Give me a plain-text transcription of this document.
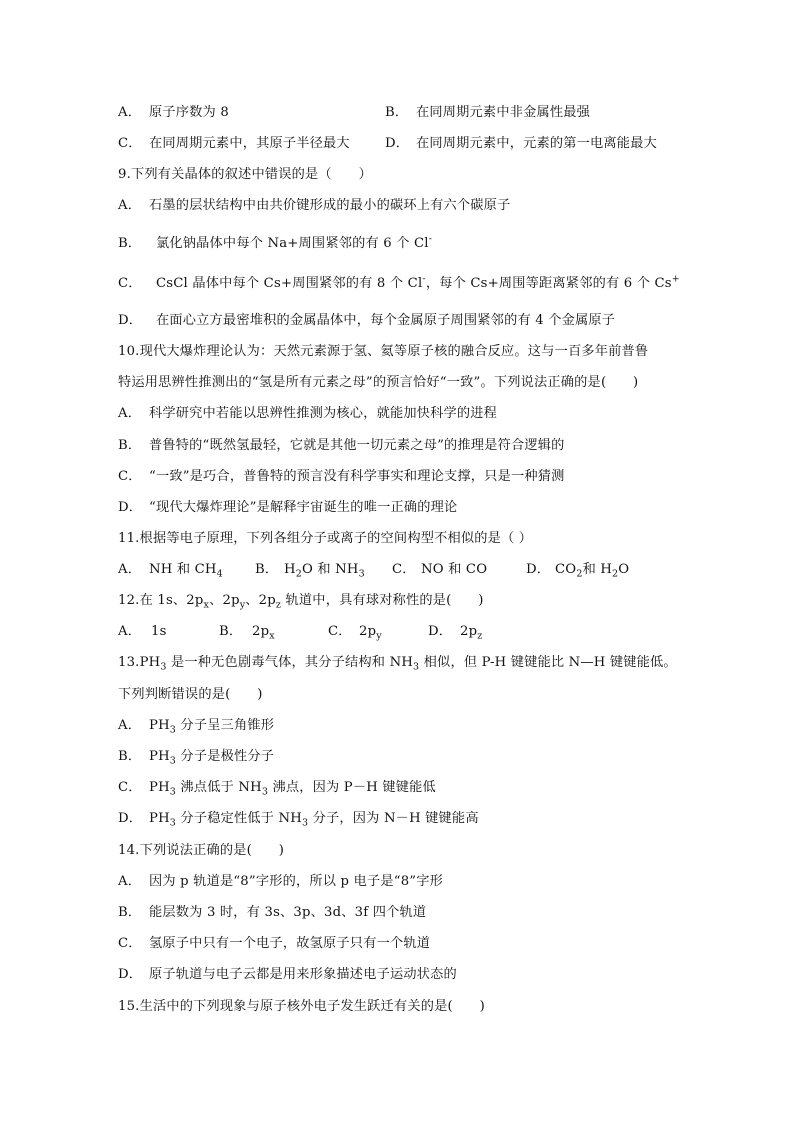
A． 原子序数为 8	B． 在同周期元素中非金属性最强
C． 在同周期元素中，其原子半径最大	D． 在同周期元素中，元素的第一电离能最大
9.下列有关晶体的叙述中错误的是（　　）
A． 石墨的层状结构中由共价键形成的最小的碳环上有六个碳原子
B． 氯化钠晶体中每个 Na+周围紧邻的有 6 个 Cl-
C． CsCl 晶体中每个 Cs+周围紧邻的有 8 个 Cl-，每个 Cs+周围等距离紧邻的有 6 个 Cs+
D． 在面心立方最密堆积的金属晶体中，每个金属原子周围紧邻的有 4 个金属原子
10.现代大爆炸理论认为：天然元素源于氢、氦等原子核的融合反应。这与一百多年前普鲁
特运用思辨性推测出的“氢是所有元素之母”的预言恰好“一致”。下列说法正确的是(　　)
A． 科学研究中若能以思辨性推测为核心，就能加快科学的进程
B． 普鲁特的“既然氢最轻，它就是其他一切元素之母”的推理是符合逻辑的
C． “一致”是巧合，普鲁特的预言没有科学事实和理论支撑，只是一种猜测
D． “现代大爆炸理论”是解释宇宙诞生的唯一正确的理论
11.根据等电子原理，下列各组分子或离子的空间构型不相似的是（ ）
A． NH 和 $CH_4$ B． $H_2O$ 和 $NH_3$ C． NO 和 CO	D． $CO_2$和 $H_2O$
12.在 1s、$2p_x$、$2p_y$、$2p_z$ 轨道中，具有球对称性的是(　　)
A． 1s	B． $2p_x$	C． $2p_y$	D． $2p_z$
$13.PH_3$ 是一种无色剧毒气体，其分子结构和 $NH_3$ 相似，但 P-H 键键能比 N—H 键键能低。
下列判断错误的是(　　)
A． $PH_3$ 分子呈三角锥形
B． $PH_3$ 分子是极性分子
C． $PH_3$ 沸点低于 $NH_3$ 沸点，因为 P－H 键键能低
D． $PH_3$ 分子稳定性低于 $NH_3$ 分子，因为 N－H 键键能高
14.下列说法正确的是(　　)
A． 因为 p 轨道是“8”字形的，所以 p 电子是“8”字形
B． 能层数为 3 时，有 3s、3p、3d、3f 四个轨道
C． 氢原子中只有一个电子，故氢原子只有一个轨道
D． 原子轨道与电子云都是用来形象描述电子运动状态的
15.生活中的下列现象与原子核外电子发生跃迁有关的是(　　)
